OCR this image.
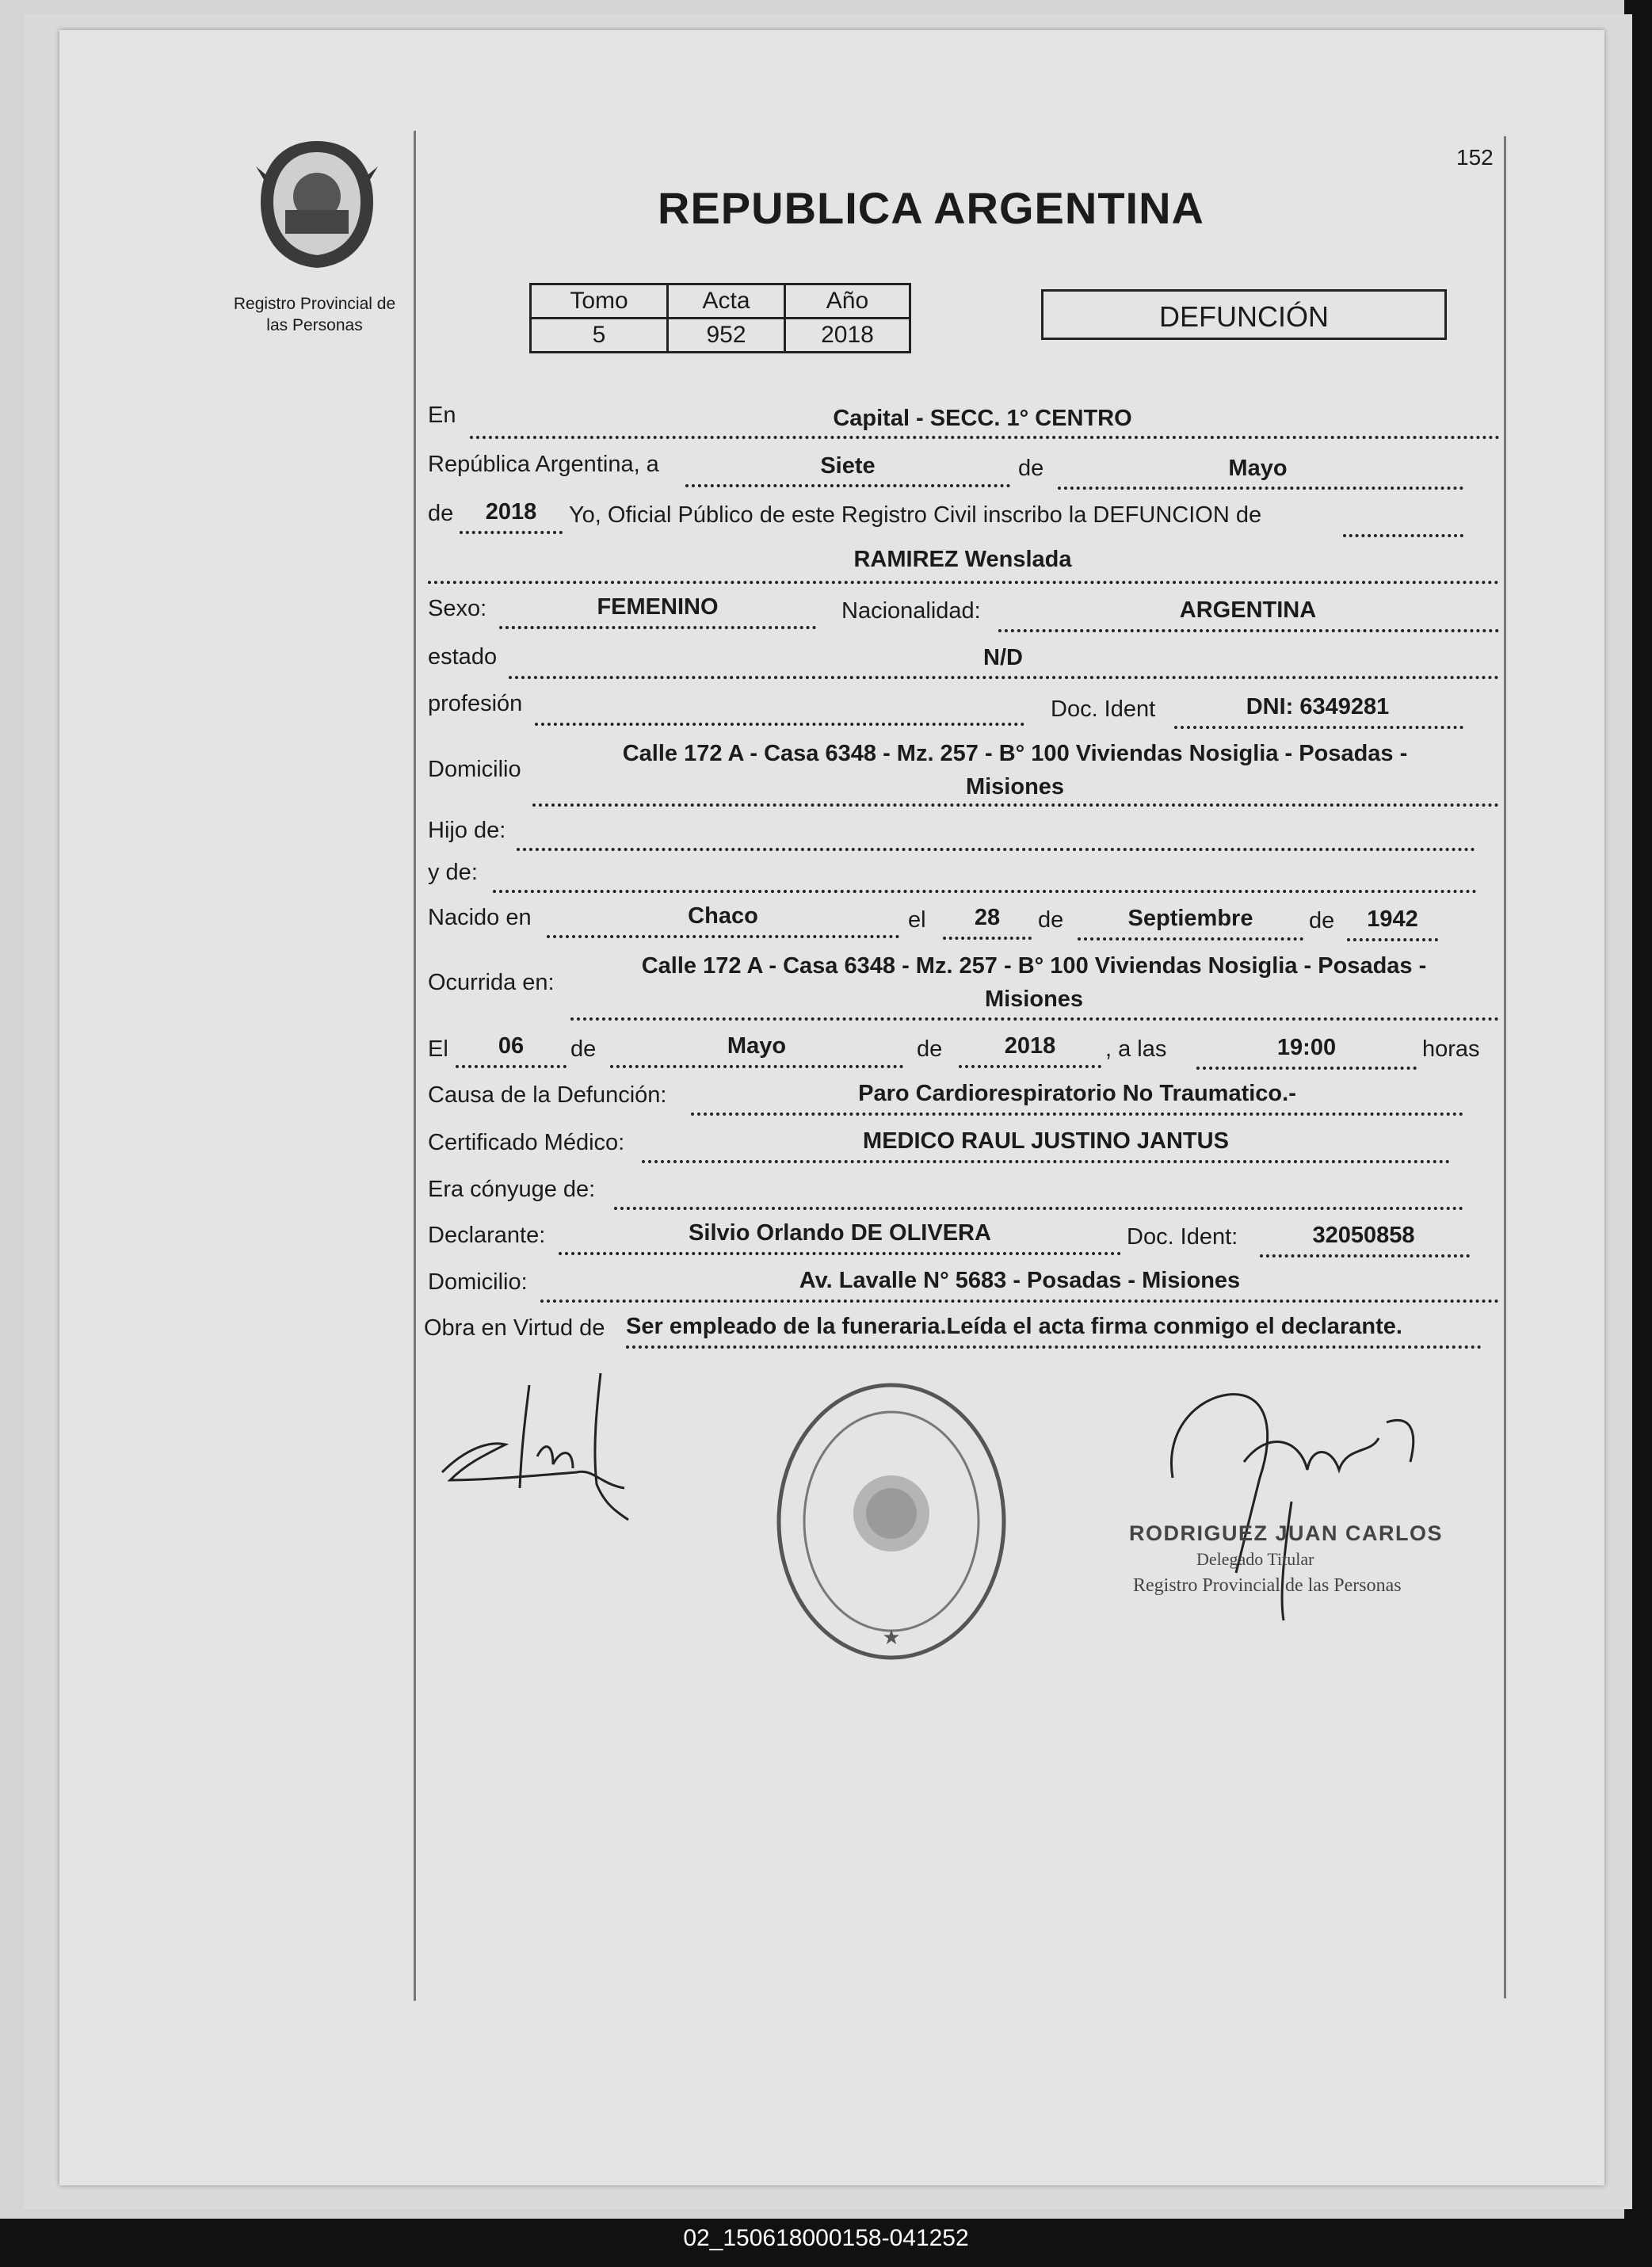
Registro Provincial de
las Personas
152
REPUBLICA ARGENTINA
Tomo	Acta	Año
5	952	2018
DEFUNCIÓN
En	Capital - SECC. 1° CENTRO
República Argentina, a	Siete	de	Mayo
de	2018	Yo, Oficial Público de este Registro Civil inscribo la DEFUNCION de
RAMIREZ Wenslada
Sexo:	FEMENINO	Nacionalidad:	ARGENTINA
estado	N/D
profesión	Doc. Ident	DNI: 6349281
Domicilio
Calle 172 A - Casa 6348 - Mz. 257 - B° 100 Viviendas Nosiglia - Posadas -
Misiones
Hijo de:
y de:
Nacido en	Chaco	el	28	de	Septiembre	de	1942
Ocurrida en:
Calle 172 A - Casa 6348 - Mz. 257 - B° 100 Viviendas Nosiglia - Posadas -
Misiones
El	06	de	Mayo	de	2018	, a las	19:00	horas
Causa de la Defunción:	Paro Cardiorespiratorio No Traumatico.-
Certificado Médico:	MEDICO RAUL JUSTINO JANTUS
Era cónyuge de:
Declarante:	Silvio Orlando DE OLIVERA	Doc. Ident:	32050858
Domicilio:	Av. Lavalle N° 5683 - Posadas - Misiones
Obra en Virtud de Ser empleado de la funeraria.Leída el acta firma conmigo el declarante.
★
RODRIGUEZ JUAN CARLOS
Delegado Titular
Registro Provincial de las Personas
02_150618000158-041252
